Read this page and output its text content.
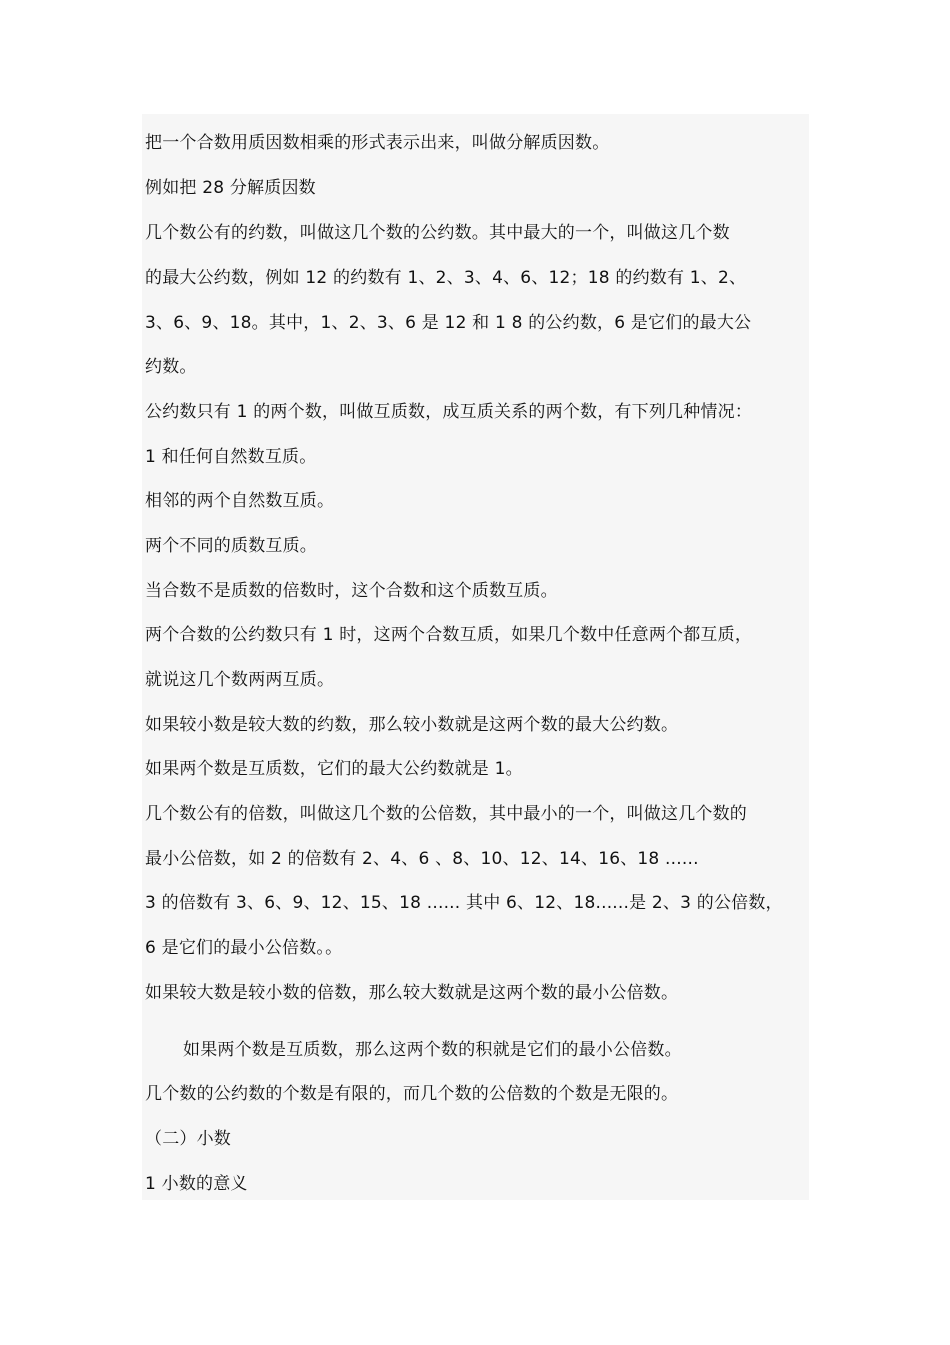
把一个合数用质因数相乘的形式表示出来，叫做分解质因数。
例如把 28 分解质因数
几个数公有的约数，叫做这几个数的公约数。其中最大的一个，叫做这几个数
的最大公约数，例如 12 的约数有 1、2、3、4、6、12；18 的约数有 1、2、
3、6、9、18。其中，1、2、3、6 是 12 和 1 8 的公约数，6 是它们的最大公
约数。
公约数只有 1 的两个数，叫做互质数，成互质关系的两个数，有下列几种情况：
1 和任何自然数互质。
相邻的两个自然数互质。
两个不同的质数互质。
当合数不是质数的倍数时，这个合数和这个质数互质。
两个合数的公约数只有 1 时，这两个合数互质，如果几个数中任意两个都互质，
就说这几个数两两互质。
如果较小数是较大数的约数，那么较小数就是这两个数的最大公约数。
如果两个数是互质数，它们的最大公约数就是 1。
几个数公有的倍数，叫做这几个数的公倍数，其中最小的一个，叫做这几个数的
最小公倍数，如 2 的倍数有 2、4、6 、8、10、12、14、16、18 ......
3 的倍数有 3、6、9、12、15、18 ...... 其中 6、12、18......是 2、3 的公倍数，
6 是它们的最小公倍数。。
如果较大数是较小数的倍数，那么较大数就是这两个数的最小公倍数。
如果两个数是互质数，那么这两个数的积就是它们的最小公倍数。
几个数的公约数的个数是有限的，而几个数的公倍数的个数是无限的。
（二）小数
1 小数的意义
